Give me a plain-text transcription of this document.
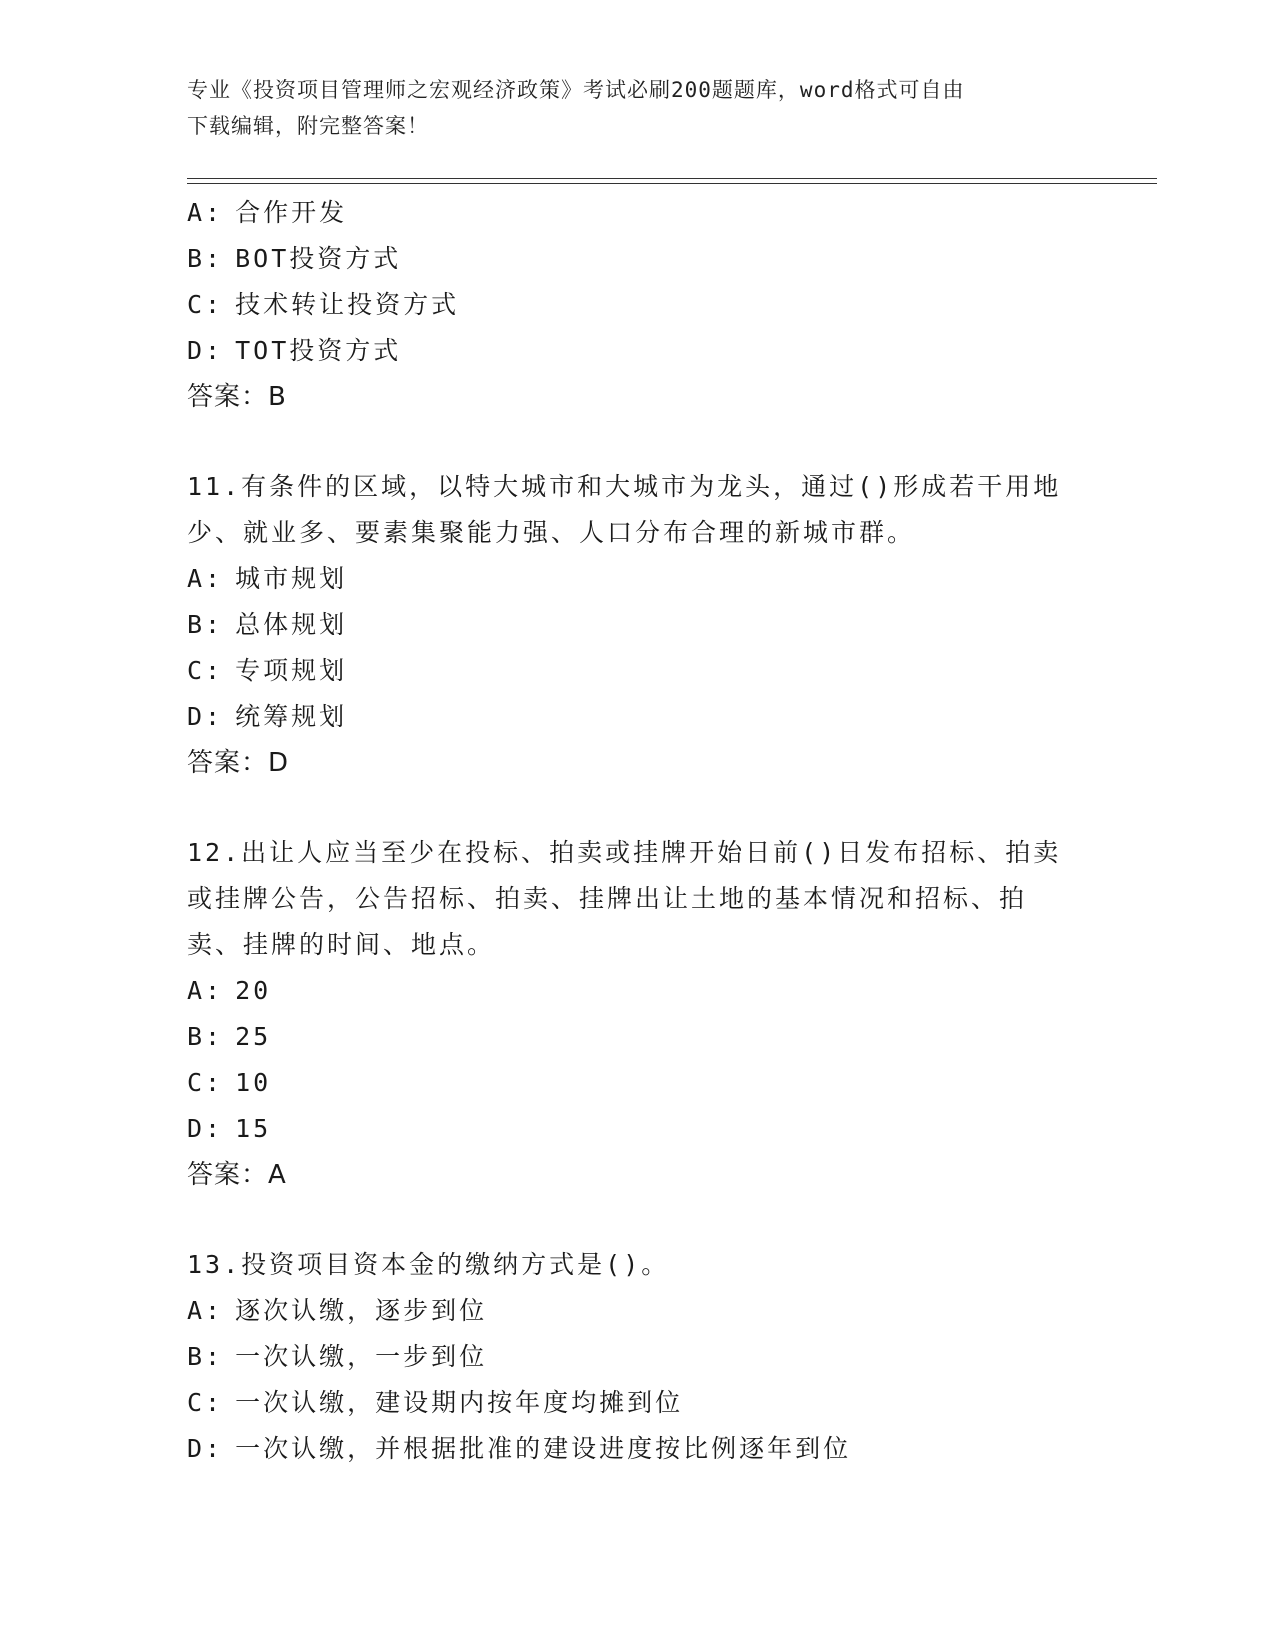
专业《投资项目管理师之宏观经济政策》考试必刷200题题库，word格式可自由
下载编辑，附完整答案！
A: 合作开发
B: BOT投资方式
C: 技术转让投资方式
D: TOT投资方式
答案：B
11.有条件的区域，以特大城市和大城市为龙头，通过()形成若干用地
少、就业多、要素集聚能力强、人口分布合理的新城市群。
A: 城市规划
B: 总体规划
C: 专项规划
D: 统筹规划
答案：D
12.出让人应当至少在投标、拍卖或挂牌开始日前()日发布招标、拍卖
或挂牌公告，公告招标、拍卖、挂牌出让土地的基本情况和招标、拍
卖、挂牌的时间、地点。
A: 20
B: 25
C: 10
D: 15
答案：A
13.投资项目资本金的缴纳方式是()。
A: 逐次认缴，逐步到位
B: 一次认缴，一步到位
C: 一次认缴，建设期内按年度均摊到位
D: 一次认缴，并根据批准的建设进度按比例逐年到位
